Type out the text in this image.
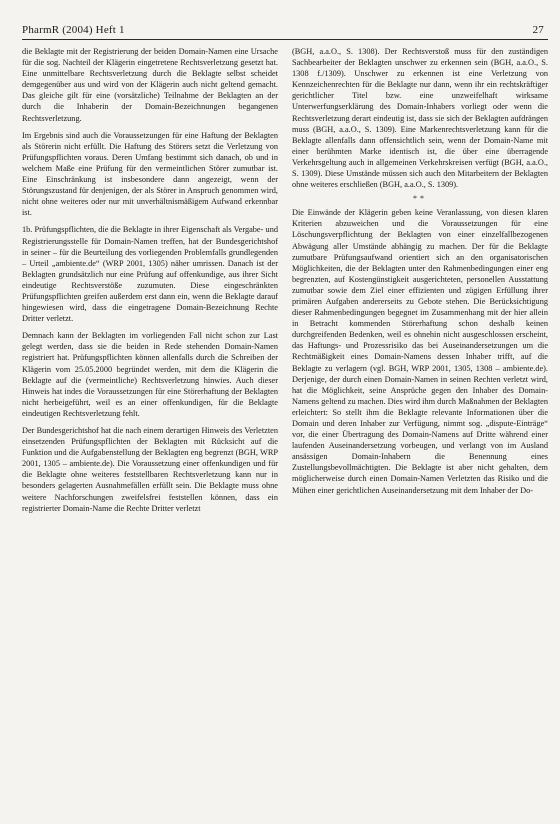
PharmR (2004) Heft 1	27

die Beklagte mit der Registrierung der beiden Domain-Namen eine Ursache für die sog. Nachteil der Klägerin eingetretene Rechtsverletzung gesetzt hat. Eine unmittelbare Rechtsverletzung durch die Beklagte selbst scheidet demgegenüber aus und wird von der Klägerin auch nicht geltend gemacht. Das gleiche gilt für eine (vorsätzliche) Teilnahme der Beklagten an der durch die Inhaberin der Domain-Bezeichnungen begangenen Rechtsverletzung.

Im Ergebnis sind auch die Voraussetzungen für eine Haftung der Beklagten als Störerin nicht erfüllt. Die Haftung des Störers setzt die Verletzung von Prüfungspflichten voraus. Deren Umfang bestimmt sich danach, ob und in welchem Maße eine Prüfung für den vermeintlichen Störer zumutbar ist. Eine Einschränkung ist insbesondere dann angezeigt, wenn der Störungszustand für denjenigen, der als Störer in Anspruch genommen wird, nicht ohne weiteres oder nur mit unverhältnismäßigem Aufwand erkennbar ist.

1b. Prüfungspflichten, die die Beklagte in ihrer Eigenschaft als Vergabe- und Registrierungsstelle für Domain-Namen treffen, hat der Bundesgerichtshof in seiner – für die Beurteilung des vorliegenden Problemfalls grundlegenden – Urteil „ambiente.de“ (WRP 2001, 1305) näher umrissen. Danach ist der Beklagten grundsätzlich nur eine Prüfung auf offenkundige, aus ihrer Sicht eindeutige Rechtsverstöße zuzumuten. Diese eingeschränkten Prüfungspflichten greifen außerdem erst dann ein, wenn die Beklagte darauf hingewiesen wird, dass die eingetragene Domain-Bezeichnung Rechte Dritter verletzt.

Demnach kann der Beklagten im vorliegenden Fall nicht schon zur Last gelegt werden, dass sie die beiden in Rede stehenden Domain-Namen registriert hat. Prüfungspflichten können allenfalls durch die Schreiben der Klägerin vom 25.05.2000 begründet werden, mit dem die Klägerin die Beklagte auf die (vermeintliche) Rechtsverletzung hinwies. Auch dieser Hinweis hat indes die Voraussetzungen für eine Störerhaftung der Beklagten nicht herbeigeführt, weil es an einer offenkundigen, für die Beklagte eindeutigen Rechtsverletzung fehlt.

Der Bundesgerichtshof hat die nach einem derartigen Hinweis des Verletzten einsetzenden Prüfungspflichten der Beklagten mit Rücksicht auf die Funktion und die Aufgabenstellung der Beklagten eng begrenzt (BGH, WRP 2001, 1305 – ambiente.de). Die Voraussetzung einer offenkundigen und für die Beklagte ohne weiteres feststellbaren Rechtsverletzung kann nur in besonders gelagerten Ausnahmefällen erfüllt sein. Die Beklagte muss ohne weitere Nachforschungen zweifelsfrei feststellen können, dass ein registrierter Domain-Name die Rechte Dritter verletzt

(BGH, a.a.O., S. 1308). Der Rechtsverstoß muss für den zuständigen Sachbearbeiter der Beklagten unschwer zu erkennen sein (BGH, a.a.O., S. 1308 f./1309). Unschwer zu erkennen ist eine Verletzung von Kennzeichenrechten für die Beklagte nur dann, wenn ihr ein rechtskräftiger gerichtlicher Titel bzw. eine unzweifelhaft wirksame Unterwerfungserklärung des Domain-Inhabers vorliegt oder wenn die Rechtsverletzung derart eindeutig ist, dass sie sich der Beklagten aufdrängen muss (BGH, a.a.O., S. 1309). Eine Markenrechtsverletzung kann für die Beklagte allenfalls dann offensichtlich sein, wenn der Domain-Name mit einer berühmten Marke identisch ist, die über eine überragende Verkehrsgeltung auch in allgemeinen Verkehrskreisen verfügt (BGH, a.a.O., S. 1309). Diese Umstände müssen sich auch den Mitarbeitern der Beklagten ohne weiteres erschließen (BGH, a.a.O., S. 1309).

**

Die Einwände der Klägerin geben keine Veranlassung, von diesen klaren Kriterien abzuweichen und die Voraussetzungen für eine Löschungsverpflichtung der Beklagten von einer einzelfallbezogenen Abwägung aller Umstände abhängig zu machen. Der für die Beklagte zumutbare Prüfungsaufwand orientiert sich an den organisatorischen Möglichkeiten, die der Beklagten unter den Rahmenbedingungen einer eng begrenzten, auf Kostengünstigkeit ausgerichteten, personellen Ausstattung zumutbar sowie dem Ziel einer effizienten und zügigen Erfüllung ihrer primären Aufgaben andererseits zu Gebote stehen. Die Berücksichtigung dieser Rahmenbedingungen begegnet im Zusammenhang mit der hier allein in Betracht kommenden Störerhaftung schon deshalb keinen durchgreifenden Bedenken, weil es ohnehin nicht ausgeschlossen erscheint, das Haftungs- und Prozessrisiko das bei Auseinandersetzungen um die Rechtmäßigkeit eines Domain-Namens dessen Inhaber trifft, auf die Beklagte zu verlagern (vgl. BGH, WRP 2001, 1305, 1308 – ambiente.de). Derjenige, der durch einen Domain-Namen in seinen Rechten verletzt wird, hat die Möglichkeit, seine Ansprüche gegen den Inhaber des Domain-Namens geltend zu machen. Dies wird ihm durch Maßnahmen der Beklagten erleichtert: So stellt ihm die Beklagte relevante Informationen über die Domain und deren Inhaber zur Verfügung, nimmt sog. „dispute-Einträge“ vor, die einer Übertragung des Domain-Namens auf Dritte während einer laufenden Auseinandersetzung vorbeugen, und verlangt von im Ausland ansässigen Domain-Inhabern die Benennung eines Zustellungsbevollmächtigten. Die Beklagte ist aber nicht gehalten, dem möglicherweise durch einen Domain-Namen Verletzten das Risiko und die Mühen einer gerichtlichen Auseinandersetzung mit dem Inhaber der Do-
